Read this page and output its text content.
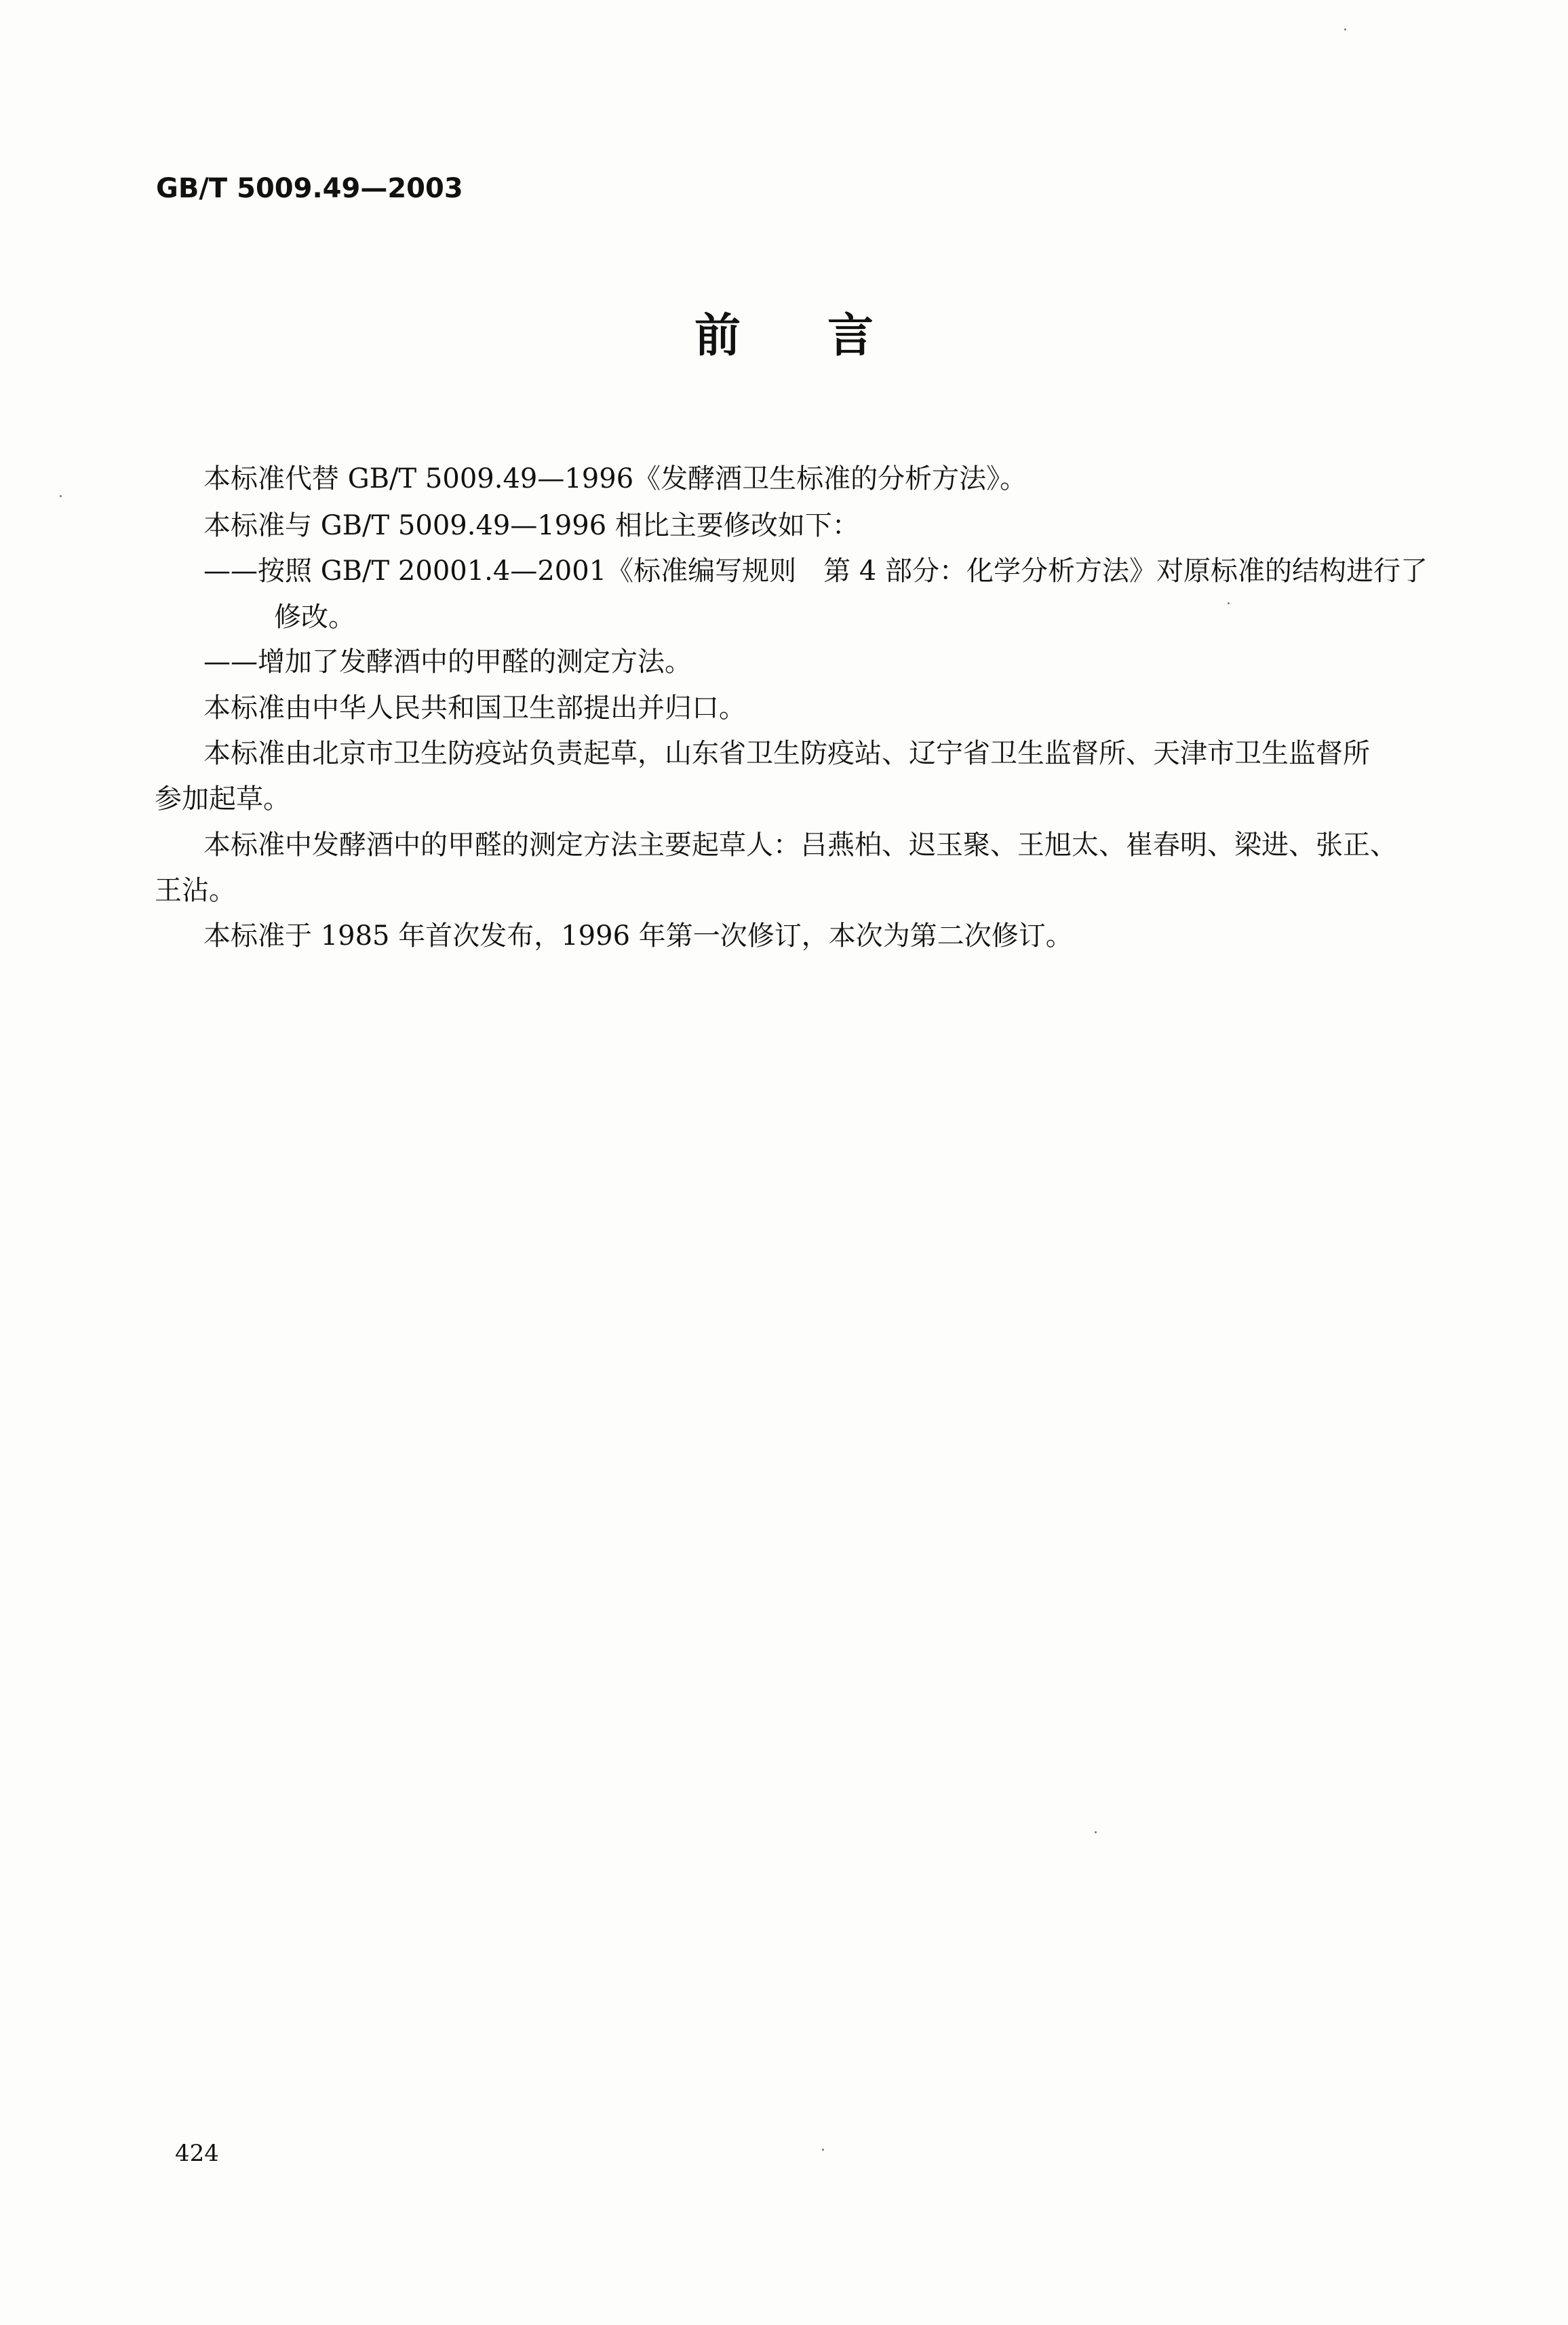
GB/T 5009.49—2003
前言
本标准代替 GB/T 5009.49—1996《发酵酒卫生标准的分析方法》。
本标准与 GB/T 5009.49—1996 相比主要修改如下：
——按照 GB/T 20001.4—2001《标准编写规则　第 4 部分：化学分析方法》对原标准的结构进行了
修改。
——增加了发酵酒中的甲醛的测定方法。
本标准由中华人民共和国卫生部提出并归口。
本标准由北京市卫生防疫站负责起草，山东省卫生防疫站、辽宁省卫生监督所、天津市卫生监督所
参加起草。
本标准中发酵酒中的甲醛的测定方法主要起草人：吕燕柏、迟玉聚、王旭太、崔春明、梁进、张正、
王沾。
本标准于 1985 年首次发布，1996 年第一次修订，本次为第二次修订。
424
